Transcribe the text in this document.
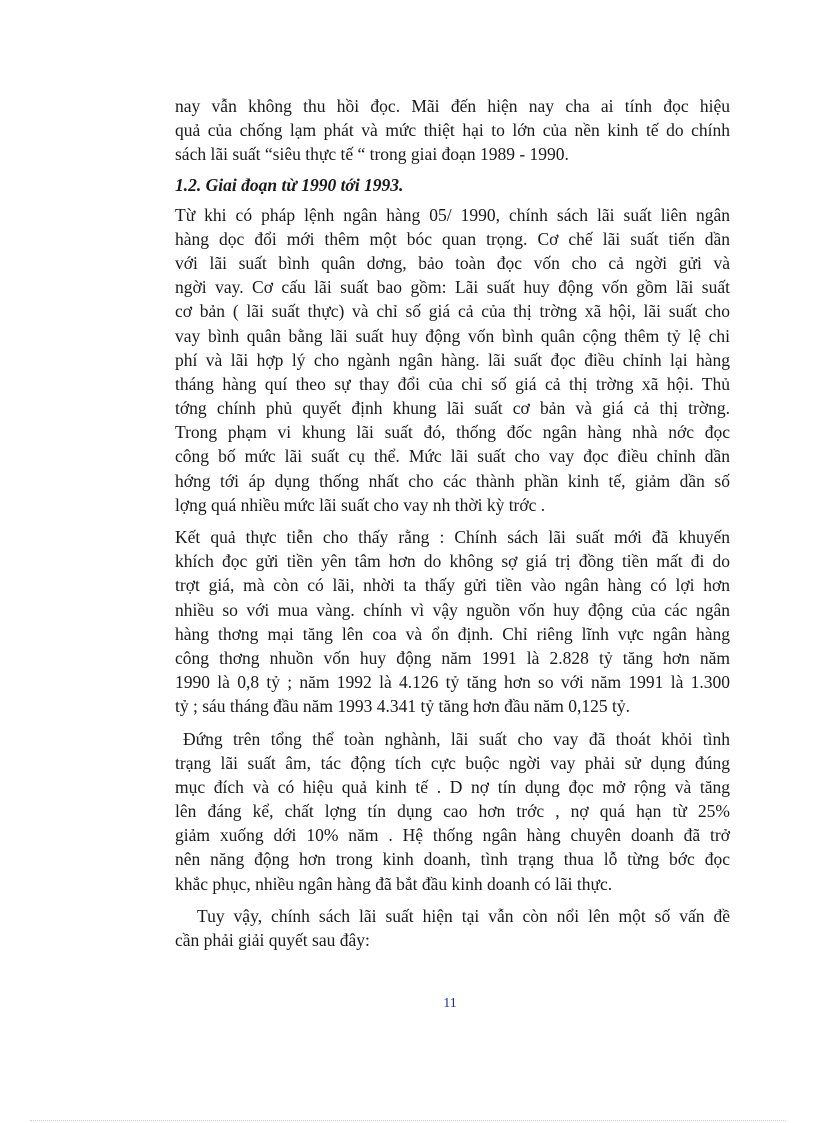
nay vẫn không thu hồi đọc. Mãi đến hiện nay cha ai tính đọc hiệu
quả của chống lạm phát và mức thiệt hại to lớn của nền kinh tế do chính
sách lãi suất “siêu thực tế “ trong giai đoạn 1989 - 1990.
1.2. Giai đoạn từ 1990 tới 1993.
Từ khi có pháp lệnh ngân hàng 05/ 1990, chính sách lãi suất liên ngân
hàng dọc đổi mới thêm một bóc quan trọng. Cơ chế lãi suất tiến dần
với lãi suất bình quân dơng, bảo toàn đọc vốn cho cả ngời gửi và
ngời vay. Cơ cấu lãi suất bao gồm: Lãi suất huy động vốn gồm lãi suất
cơ bản ( lãi suất thực) và chỉ số giá cả của thị trờng xã hội, lãi suất cho
vay bình quân bằng lãi suất huy động vốn bình quân cộng thêm tỷ lệ chi
phí và lãi hợp lý cho ngành ngân hàng. lãi suất đọc điều chỉnh lại hàng
tháng hàng quí theo sự thay đổi của chỉ số giá cả thị trờng xã hội. Thủ
tớng chính phủ quyết định khung lãi suất cơ bản và giá cả thị trờng.
Trong phạm vi khung lãi suất đó, thống đốc ngân hàng nhà nớc đọc
công bố mức lãi suất cụ thể. Mức lãi suất cho vay đọc điều chỉnh dần
hớng tới áp dụng thống nhất cho các thành phần kinh tế, giảm dần số
lợng quá nhiều mức lãi suất cho vay nh thời kỳ trớc .
Kết quả thực tiễn cho thấy rằng : Chính sách lãi suất mới đã khuyến
khích đọc gửi tiền yên tâm hơn do không sợ giá trị đồng tiền mất đi do
trợt giá, mà còn có lãi, nhời ta thấy gửi tiền vào ngân hàng có lợi hơn
nhiều so với mua vàng. chính vì vậy nguồn vốn huy động của các ngân
hàng thơng mại tăng lên coa và ổn định. Chỉ riêng lĩnh vực ngân hàng
công thơng nhuồn vốn huy động năm 1991 là 2.828 tỷ tăng hơn năm
1990 là 0,8 tỷ ; năm 1992 là 4.126 tỷ tăng hơn so với năm 1991 là 1.300
tỷ ; sáu tháng đầu năm 1993 4.341 tỷ tăng hơn đầu năm 0,125 tỷ.
Đứng trên tổng thể toàn nghành, lãi suất cho vay đã thoát khỏi tình
trạng lãi suất âm, tác động tích cực buộc ngời vay phải sử dụng đúng
mục đích và có hiệu quả kinh tế . D nợ tín dụng đọc mở rộng và tăng
lên đáng kể, chất lợng tín dụng cao hơn trớc , nợ quá hạn từ 25%
giảm xuống dới 10% năm . Hệ thống ngân hàng chuyên doanh đã trở
nên năng động hơn trong kinh doanh, tình trạng thua lỗ từng bớc đọc
khắc phục, nhiều ngân hàng đã bắt đầu kinh doanh có lãi thực.
Tuy vậy, chính sách lãi suất hiện tại vẫn còn nổi lên một số vấn đề
cần phải giải quyết sau đây:
11
